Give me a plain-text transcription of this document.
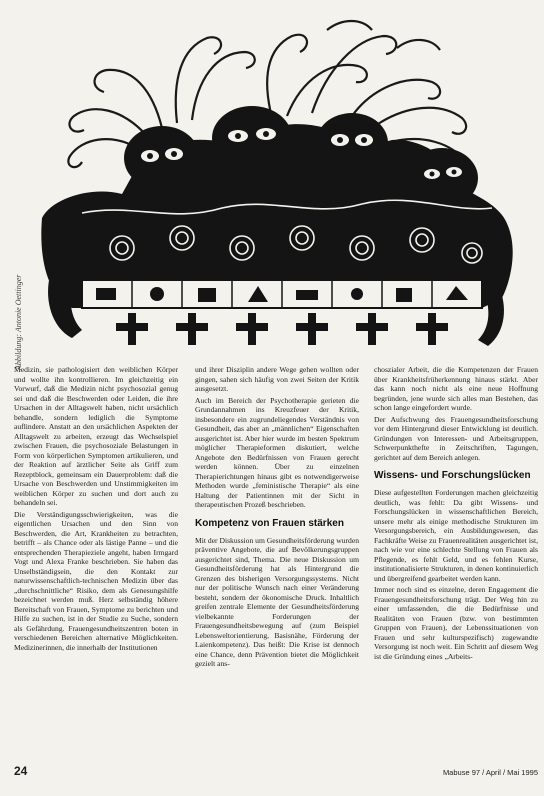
Abbildung: Antonie Oettinger

Medizin, sie pathologisiert den weiblichen Körper und wollte ihn kontrollieren. Im gleichzeitig ein Vorwurf, daß die Medizin nicht psychosozial genug sei und daß die Beschwerden oder Leiden, die ihre Ursachen in der Alltagswelt haben, nicht ursächlich behandle, sondern lediglich die Symptome auflindere. Anstatt an den ursächlichen Aspekten der Alltagswelt zu arbeiten, erzeugt das Wechselspiel zwischen Frauen, die psychosoziale Belastungen in Form von körperlichen Symptomen artikulieren, und der Reaktion auf ärztlicher Seite als Griff zum Rezeptblock, gemeinsam ein Dauerproblem: daß die Ursache von Beschwerden und Unstimmigkeiten im weiblichen Körper zu suchen und dort auch zu behandeln sei.

Die Verständigungsschwierigkeiten, was die eigentlichen Ursachen und den Sinn von Beschwerden, die Art, Krankheiten zu betrachten, betrifft – als Chance oder als lästige Panne – und die entsprechenden Therapieziele angeht, haben Irmgard Vogt und Alexa Franke beschrieben. Sie haben das Unselbständigsein, die den Kontakt zur naturwissenschaftlich-technischen Medizin über das „durchschnittliche“ Risiko, dem als Genesungshilfe bezeichnet werden muß. Herz selbständig höhere Bereitschaft von Frauen, Symptome zu berichten und Hilfe zu suchen, ist in der Studie zu Suche, sondern als Gefährdung. Frauengesundheitszentren boten in verschiedenen Bereichen alternative Möglichkeiten. Medizinerinnen, die innerhalb der Institutionen

und ihrer Disziplin andere Wege gehen wollten oder gingen, sahen sich häufig von zwei Seiten der Kritik ausgesetzt.

Auch im Bereich der Psychotherapie gerieten die Grundannahmen ins Kreuzfeuer der Kritik, insbesondere ein zugrundeliegendes Verständnis von Gesundheit, das aber an „männlichen“ Eigenschaften ausgerichtet ist. Aber hier wurde im besten Spektrum möglicher Therapieformen diskutiert, welche Angebote den Bedürfnissen von Frauen gerecht werden können. Über zu einzelnen Therapierichtungen hinaus gibt es notwendigerweise Methoden wurde „feministische Therapie“ als eine Haltung der Patientinnen mit der Sicht in therapeutischen Prozeß beschrieben.

Kompetenz von Frauen stärken

Mit der Diskussion um Gesundheitsförderung wurden präventive Angebote, die auf Bevölkerungsgruppen ausgerichtet sind, Thema. Die neue Diskussion um Gesundheitsförderung hat als Hintergrund die Grenzen des bisherigen Versorgungssystems. Nicht nur der politische Wunsch nach einer Veränderung besteht, sondern der ökonomische Druck. Inhaltlich greifen zentrale Elemente der Gesundheitsförderung vielbekannte Forderungen der Frauengesundheitsbewegung auf (zum Beispiel Lebensweltorientierung, Basisnähe, Förderung der Laienkompetenz). Das heißt: Die Krise ist dennoch eine Chance, denn Prävention bietet die Möglichkeit gezielt ans-

choszialer Arbeit, die die Kompetenzen der Frauen über Krankheitsfrüherkennung hinaus stärkt. Aber das kann noch nicht als eine neue Hoffnung begründen, jene wurde sich alles man Bestehen, das schon lange eingefordert wurde.

Der Aufschwung des Frauengesundheitsforschung vor dem Hintergrund dieser Entwicklung ist deutlich. Gründungen von Interessen- und Arbeitsgruppen, Schwerpunkthefte in Zeitschriften, Tagungen, gerichtet auf dem Bereich anlegen.

Wissens- und Forschungslücken

Diese aufgestellten Forderungen machen gleichzeitig deutlich, was fehlt: Da gibt Wissens- und Forschungslücken in wissenschaftlichen Bereich, unsere mehr als einige methodische Strukturen im Versorgungsbereich, ein Ausbildungswesen, das Fachkräfte Weise zu Frauenrealitäten ausgerichtet ist, nach wie vor eine schlechte Stellung von Frauen als Pflegende, es fehlt Geld, und es fehlen Kurse, institutionalisierte Strukturen, in denen kontinuierlich und übergreifend gearbeitet werden kann.

Immer noch sind es einzelne, deren Engagement die Frauengesundheitsforschung trägt. Der Weg hin zu einer umfassenden, die die Bedürfnisse und Realitäten von Frauen (bzw. von bestimmten Gruppen von Frauen), der Lebenssituationen von Frauen und sehr kulturspezifisch) zugewandte Versorgung ist noch weit. Ein Schritt auf diesem Weg ist die Gründung eines „Arbeits-

24	Mabuse 97 / April / Mai 1995
